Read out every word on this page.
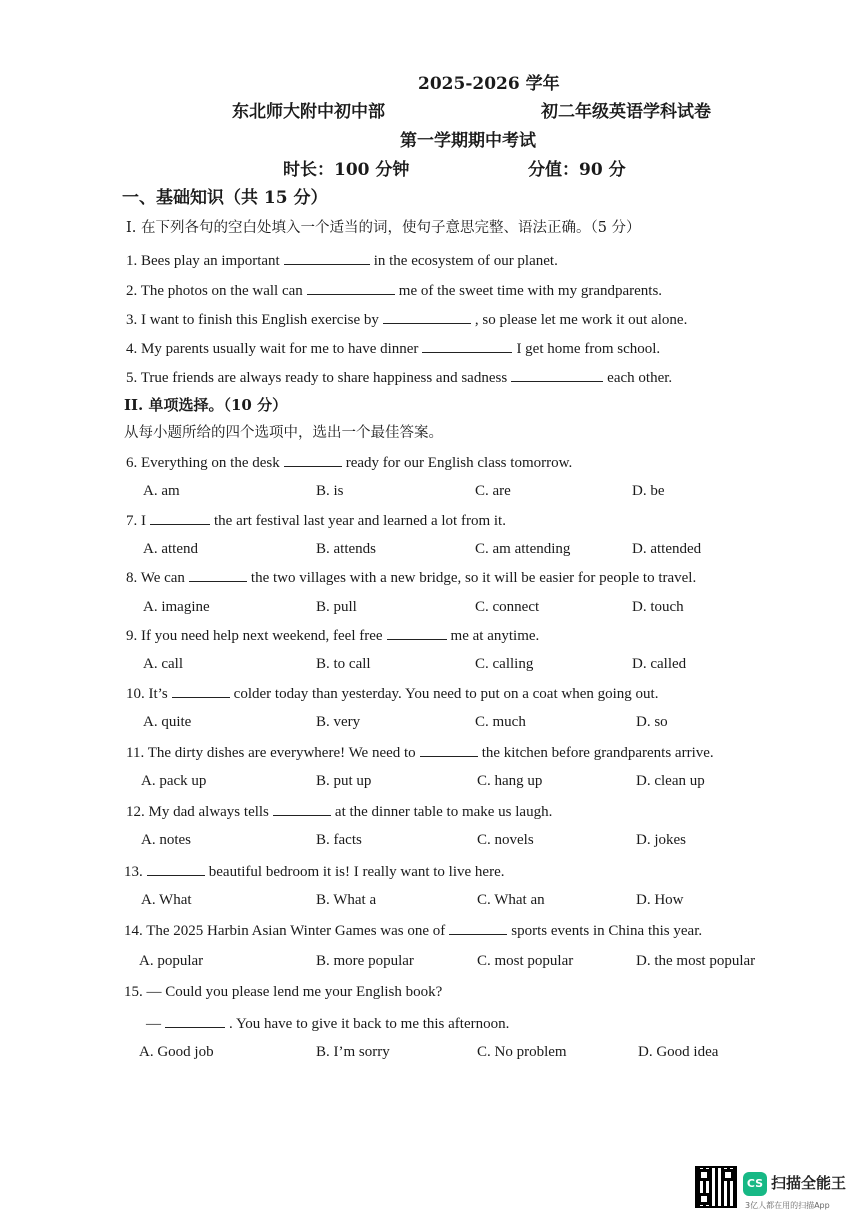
2025-2026 学年
东北师大附中初中部	初二年级英语学科试卷
第一学期期中考试
时长：100 分钟	分值：90 分
一、基础知识（共 15 分）
I. 在下列各句的空白处填入一个适当的词，使句子意思完整、语法正确。（5 分）
1. Bees play an important	in the ecosystem of our planet.
2. The photos on the wall can	me of the sweet time with my grandparents.
3. I want to finish this English exercise by	, so please let me work it out alone.
4. My parents usually wait for me to have dinner	I get home from school.
5. True friends are always ready to share happiness and sadness	each other.
II. 单项选择。（10 分）
从每小题所给的四个选项中，选出一个最佳答案。
6. Everything on the desk	ready for our English class tomorrow.
A. am	B. is	C. are	D. be
7. I	the art festival last year and learned a lot from it.
A. attend	B. attends	C. am attending	D. attended
8. We can	the two villages with a new bridge, so it will be easier for people to travel.
A. imagine	B. pull	C. connect	D. touch
9. If you need help next weekend, feel free	me at anytime.
A. call	B. to call	C. calling	D. called
10. It’s	colder today than yesterday. You need to put on a coat when going out.
A. quite	B. very	C. much	D. so
11. The dirty dishes are everywhere! We need to	the kitchen before grandparents arrive.
A. pack up	B. put up	C. hang up	D. clean up
12. My dad always tells	at the dinner table to make us laugh.
A. notes	B. facts	C. novels	D. jokes
13.	beautiful bedroom it is! I really want to live here.
A. What	B. What a	C. What an	D. How
14. The 2025 Harbin Asian Winter Games was one of	sports events in China this year.
A. popular	B. more popular	C. most popular	D. the most popular
15. — Could you please lend me your English book?
—	. You have to give it back to me this afternoon.
A. Good job	B. I’m sorry	C. No problem	D. Good idea
CS 扫描全能王
3亿人都在用的扫描App
